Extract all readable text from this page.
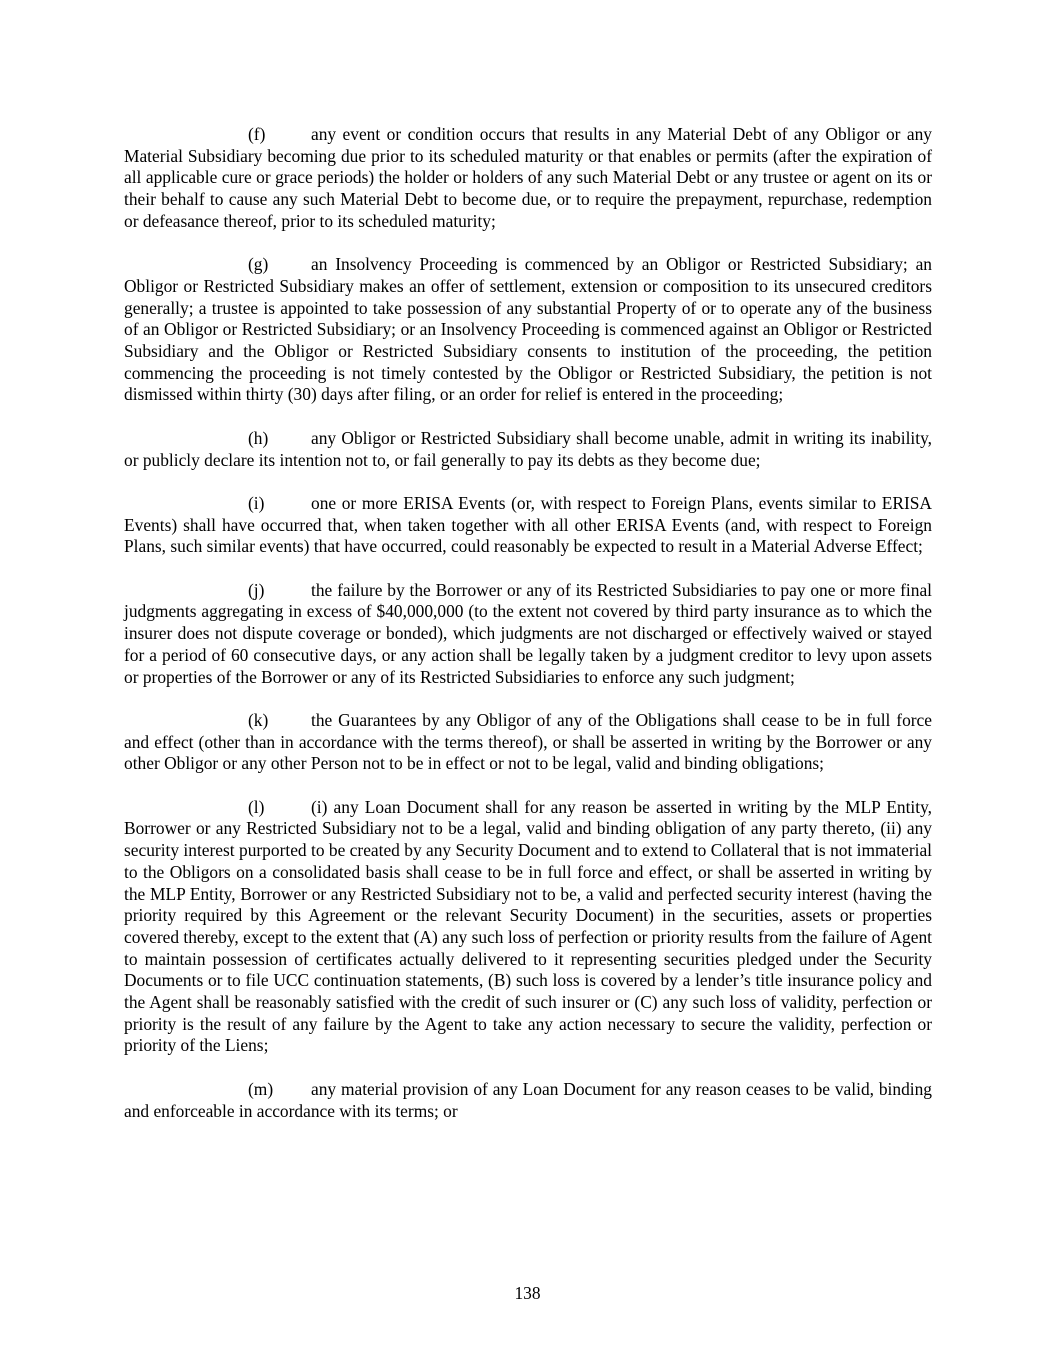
(f)	any event or condition occurs that results in any Material Debt of any Obligor or any Material Subsidiary becoming due prior to its scheduled maturity or that enables or permits (after the expiration of all applicable cure or grace periods) the holder or holders of any such Material Debt or any trustee or agent on its or their behalf to cause any such Material Debt to become due, or to require the prepayment, repurchase, redemption or defeasance thereof, prior to its scheduled maturity;

(g) an Insolvency Proceeding is commenced by an Obligor or Restricted Subsidiary; an Obligor or Restricted Subsidiary makes an offer of settlement, extension or composition to its unsecured creditors generally; a trustee is appointed to take possession of any substantial Property of or to operate any of the business of an Obligor or Restricted Subsidiary; or an Insolvency Proceeding is commenced against an Obligor or Restricted Subsidiary and the Obligor or Restricted Subsidiary consents to institution of the proceeding, the petition commencing the proceeding is not timely contested by the Obligor or Restricted Subsidiary, the petition is not dismissed within thirty (30) days after filing, or an order for relief is entered in the proceeding;

(h) any Obligor or Restricted Subsidiary shall become unable, admit in writing its inability, or publicly declare its intention not to, or fail generally to pay its debts as they become due;

(i)	one or more ERISA Events (or, with respect to Foreign Plans, events similar to ERISA Events) shall have occurred that, when taken together with all other ERISA Events (and, with respect to Foreign Plans, such similar events) that have occurred, could reasonably be expected to result in a Material Adverse Effect;

(j)	the failure by the Borrower or any of its Restricted Subsidiaries to pay one or more final judgments aggregating in excess of $40,000,000 (to the extent not covered by third party insurance as to which the insurer does not dispute coverage or bonded), which judgments are not discharged or effectively waived or stayed for a period of 60 consecutive days, or any action shall be legally taken by a judgment creditor to levy upon assets or properties of the Borrower or any of its Restricted Subsidiaries to enforce any such judgment;

(k) the Guarantees by any Obligor of any of the Obligations shall cease to be in full force and effect (other than in accordance with the terms thereof), or shall be asserted in writing by the Borrower or any other Obligor or any other Person not to be in effect or not to be legal, valid and binding obligations;

(l)	(i) any Loan Document shall for any reason be asserted in writing by the MLP Entity, Borrower or any Restricted Subsidiary not to be a legal, valid and binding obligation of any party thereto, (ii) any security interest purported to be created by any Security Document and to extend to Collateral that is not immaterial to the Obligors on a consolidated basis shall cease to be in full force and effect, or shall be asserted in writing by the MLP Entity, Borrower or any Restricted Subsidiary not to be, a valid and perfected security interest (having the priority required by this Agreement or the relevant Security Document) in the securities, assets or properties covered thereby, except to the extent that (A) any such loss of perfection or priority results from the failure of Agent to maintain possession of certificates actually delivered to it representing securities pledged under the Security Documents or to file UCC continuation statements, (B) such loss is covered by a lender’s title insurance policy and the Agent shall be reasonably satisfied with the credit of such insurer or (C) any such loss of validity, perfection or priority is the result of any failure by the Agent to take any action necessary to secure the validity, perfection or priority of the Liens;

(m) any material provision of any Loan Document for any reason ceases to be valid, binding and enforceable in accordance with its terms; or

138
